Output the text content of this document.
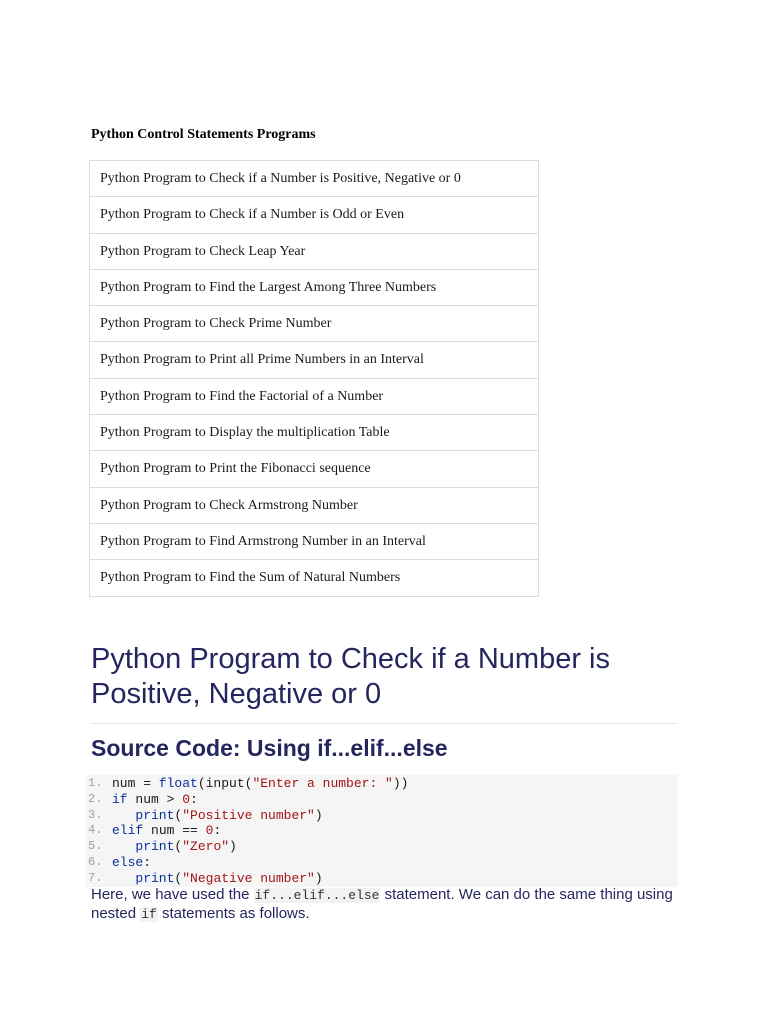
Python Control Statements Programs
Python Program to Check if a Number is Positive, Negative or 0
Python Program to Check if a Number is Odd or Even
Python Program to Check Leap Year
Python Program to Find the Largest Among Three Numbers
Python Program to Check Prime Number
Python Program to Print all Prime Numbers in an Interval
Python Program to Find the Factorial of a Number
Python Program to Display the multiplication Table
Python Program to Print the Fibonacci sequence
Python Program to Check Armstrong Number
Python Program to Find Armstrong Number in an Interval
Python Program to Find the Sum of Natural Numbers
Python Program to Check if a Number is Positive, Negative or 0
Source Code: Using if...elif...else
1. num = float(input("Enter a number: "))
2. if num > 0:
3.	print("Positive number")
4. elif num == 0:
5.	print("Zero")
6. else:
7.	print("Negative number")

Here, we have used the if...elif...else statement. We can do the same thing using nested if statements as follows.
